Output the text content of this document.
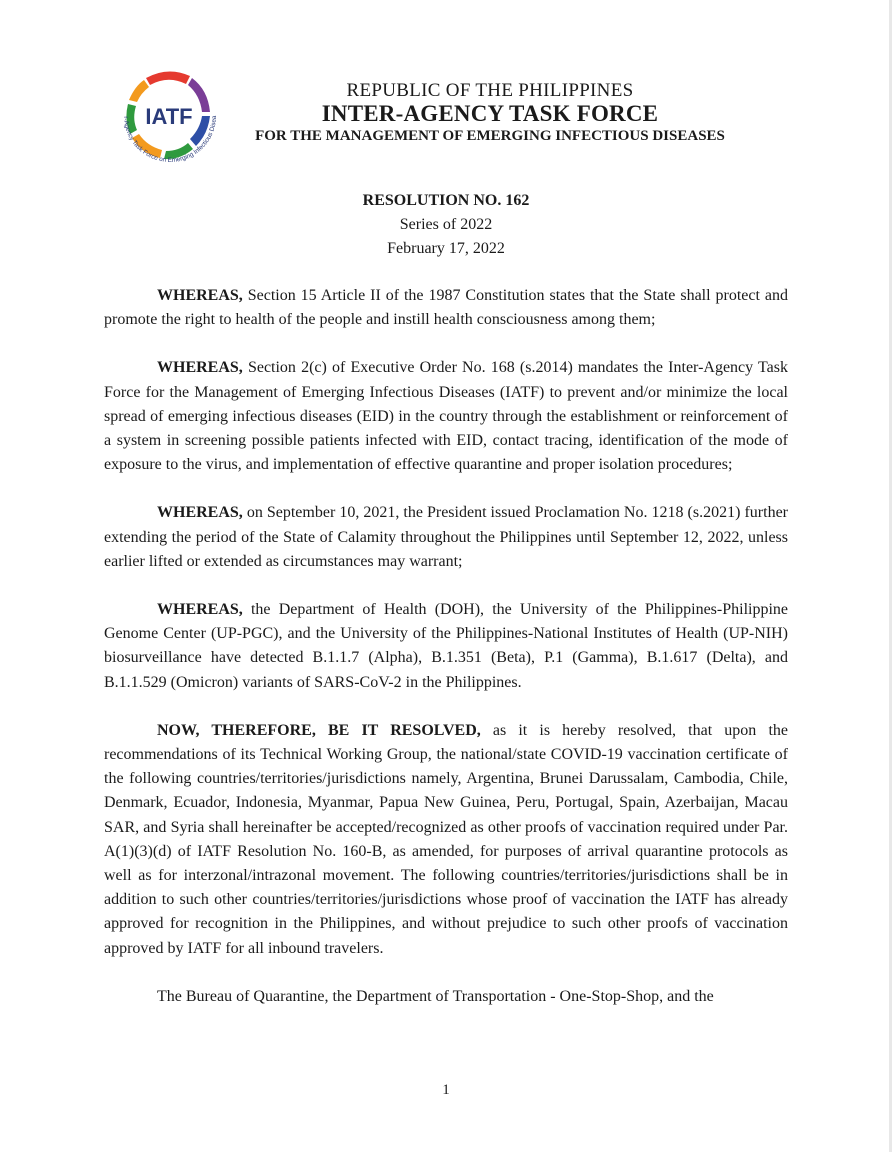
IATF
r-Agency Task Force on Emerging Infectious Disea
REPUBLIC OF THE PHILIPPINES
INTER-AGENCY TASK FORCE
FOR THE MANAGEMENT OF EMERGING INFECTIOUS DISEASES
RESOLUTION NO. 162
Series of 2022
February 17, 2022

WHEREAS, Section 15 Article II of the 1987 Constitution states that the State shall protect and promote the right to health of the people and instill health consciousness among them;

WHEREAS, Section 2(c) of Executive Order No. 168 (s.2014) mandates the Inter-Agency Task Force for the Management of Emerging Infectious Diseases (IATF) to prevent and/or minimize the local spread of emerging infectious diseases (EID) in the country through the establishment or reinforcement of a system in screening possible patients infected with EID, contact tracing, identification of the mode of exposure to the virus, and implementation of effective quarantine and proper isolation procedures;

WHEREAS, on September 10, 2021, the President issued Proclamation No. 1218 (s.2021) further extending the period of the State of Calamity throughout the Philippines until September 12, 2022, unless earlier lifted or extended as circumstances may warrant;

WHEREAS, the Department of Health (DOH), the University of the Philippines-Philippine Genome Center (UP-PGC), and the University of the Philippines-National Institutes of Health (UP-NIH) biosurveillance have detected B.1.1.7 (Alpha), B.1.351 (Beta), P.1 (Gamma), B.1.617 (Delta), and B.1.1.529 (Omicron) variants of SARS-CoV-2 in the Philippines.

NOW, THEREFORE, BE IT RESOLVED, as it is hereby resolved, that upon the recommendations of its Technical Working Group, the national/state COVID-19 vaccination certificate of the following countries/territories/jurisdictions namely, Argentina, Brunei Darussalam, Cambodia, Chile, Denmark, Ecuador, Indonesia, Myanmar, Papua New Guinea, Peru, Portugal, Spain, Azerbaijan, Macau SAR, and Syria shall hereinafter be accepted/recognized as other proofs of vaccination required under Par. A(1)(3)(d) of IATF Resolution No. 160-B, as amended, for purposes of arrival quarantine protocols as well as for interzonal/intrazonal movement. The following countries/territories/jurisdictions shall be in addition to such other countries/territories/jurisdictions whose proof of vaccination the IATF has already approved for recognition in the Philippines, and without prejudice to such other proofs of vaccination approved by IATF for all inbound travelers.

The Bureau of Quarantine, the Department of Transportation - One-Stop-Shop, and the

1
